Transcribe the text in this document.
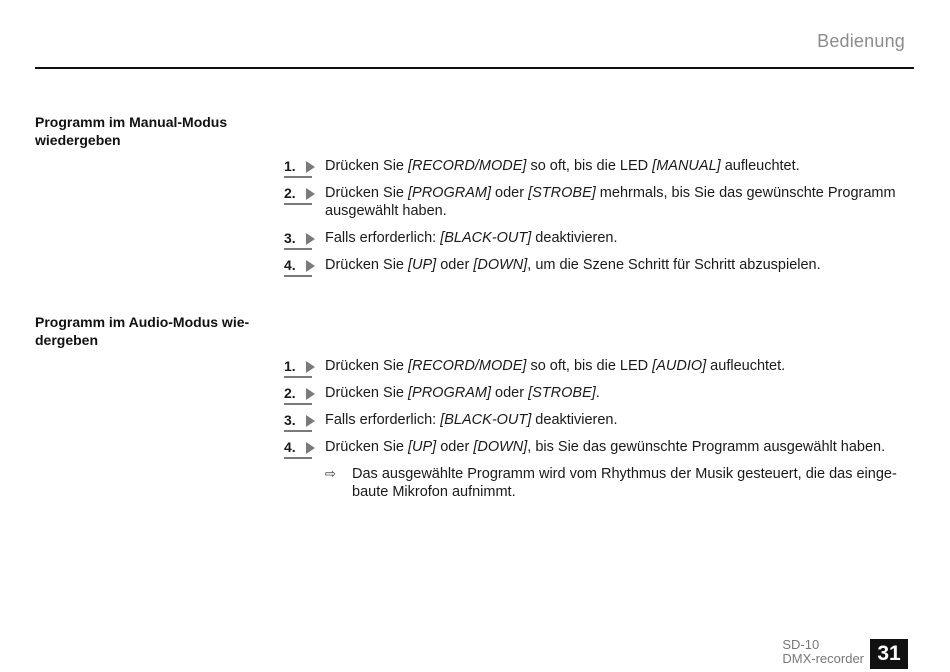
Bedienung
Programm im Manual-Modus wiedergeben
1.	Drücken Sie [RECORD/MODE] so oft, bis die LED [MANUAL] aufleuchtet.
2.	Drücken Sie [PROGRAM] oder [STROBE] mehrmals, bis Sie das gewünschte Programm ausgewählt haben.
3.	Falls erforderlich: [BLACK-OUT] deaktivieren.
4.	Drücken Sie [UP] oder [DOWN], um die Szene Schritt für Schritt abzuspielen.
Programm im Audio-Modus wie-
dergeben
1.	Drücken Sie [RECORD/MODE] so oft, bis die LED [AUDIO] aufleuchtet.
2.	Drücken Sie [PROGRAM] oder [STROBE].
3.	Falls erforderlich: [BLACK-OUT] deaktivieren.
4.	Drücken Sie [UP] oder [DOWN], bis Sie das gewünschte Programm ausgewählt haben.
⇨ Das ausgewählte Programm wird vom Rhythmus der Musik gesteuert, die das einge-baute Mikrofon aufnimmt.
SD-10
DMX-recorder 31
